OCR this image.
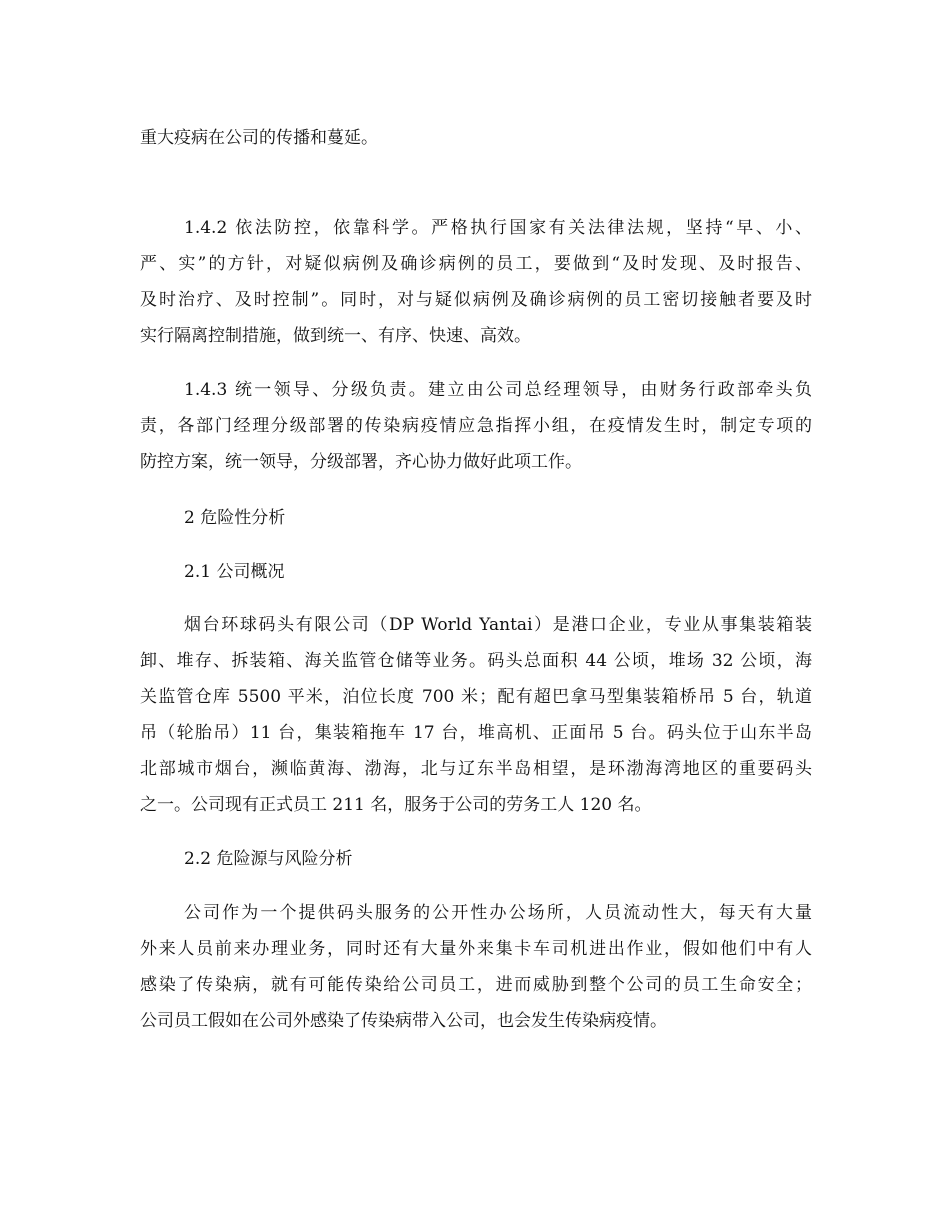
重大疫病在公司的传播和蔓延。
1.4.2 依法防控，依靠科学。严格执行国家有关法律法规，坚持“早、小、
严、实”的方针，对疑似病例及确诊病例的员工，要做到“及时发现、及时报告、
及时治疗、及时控制”。同时，对与疑似病例及确诊病例的员工密切接触者要及时
实行隔离控制措施，做到统一、有序、快速、高效。
1.4.3 统一领导、分级负责。建立由公司总经理领导，由财务行政部牵头负
责，各部门经理分级部署的传染病疫情应急指挥小组，在疫情发生时，制定专项的
防控方案，统一领导，分级部署，齐心协力做好此项工作。
2 危险性分析
2.1 公司概况
烟台环球码头有限公司（DP World Yantai）是港口企业，专业从事集装箱装
卸、堆存、拆装箱、海关监管仓储等业务。码头总面积 44 公顷，堆场 32 公顷，海
关监管仓库 5500 平米，泊位长度 700 米；配有超巴拿马型集装箱桥吊 5 台，轨道
吊（轮胎吊）11 台，集装箱拖车 17 台，堆高机、正面吊 5 台。码头位于山东半岛
北部城市烟台，濒临黄海、渤海，北与辽东半岛相望，是环渤海湾地区的重要码头
之一。公司现有正式员工 211 名，服务于公司的劳务工人 120 名。
2.2 危险源与风险分析
公司作为一个提供码头服务的公开性办公场所，人员流动性大，每天有大量
外来人员前来办理业务，同时还有大量外来集卡车司机进出作业，假如他们中有人
感染了传染病，就有可能传染给公司员工，进而威胁到整个公司的员工生命安全；
公司员工假如在公司外感染了传染病带入公司，也会发生传染病疫情。
